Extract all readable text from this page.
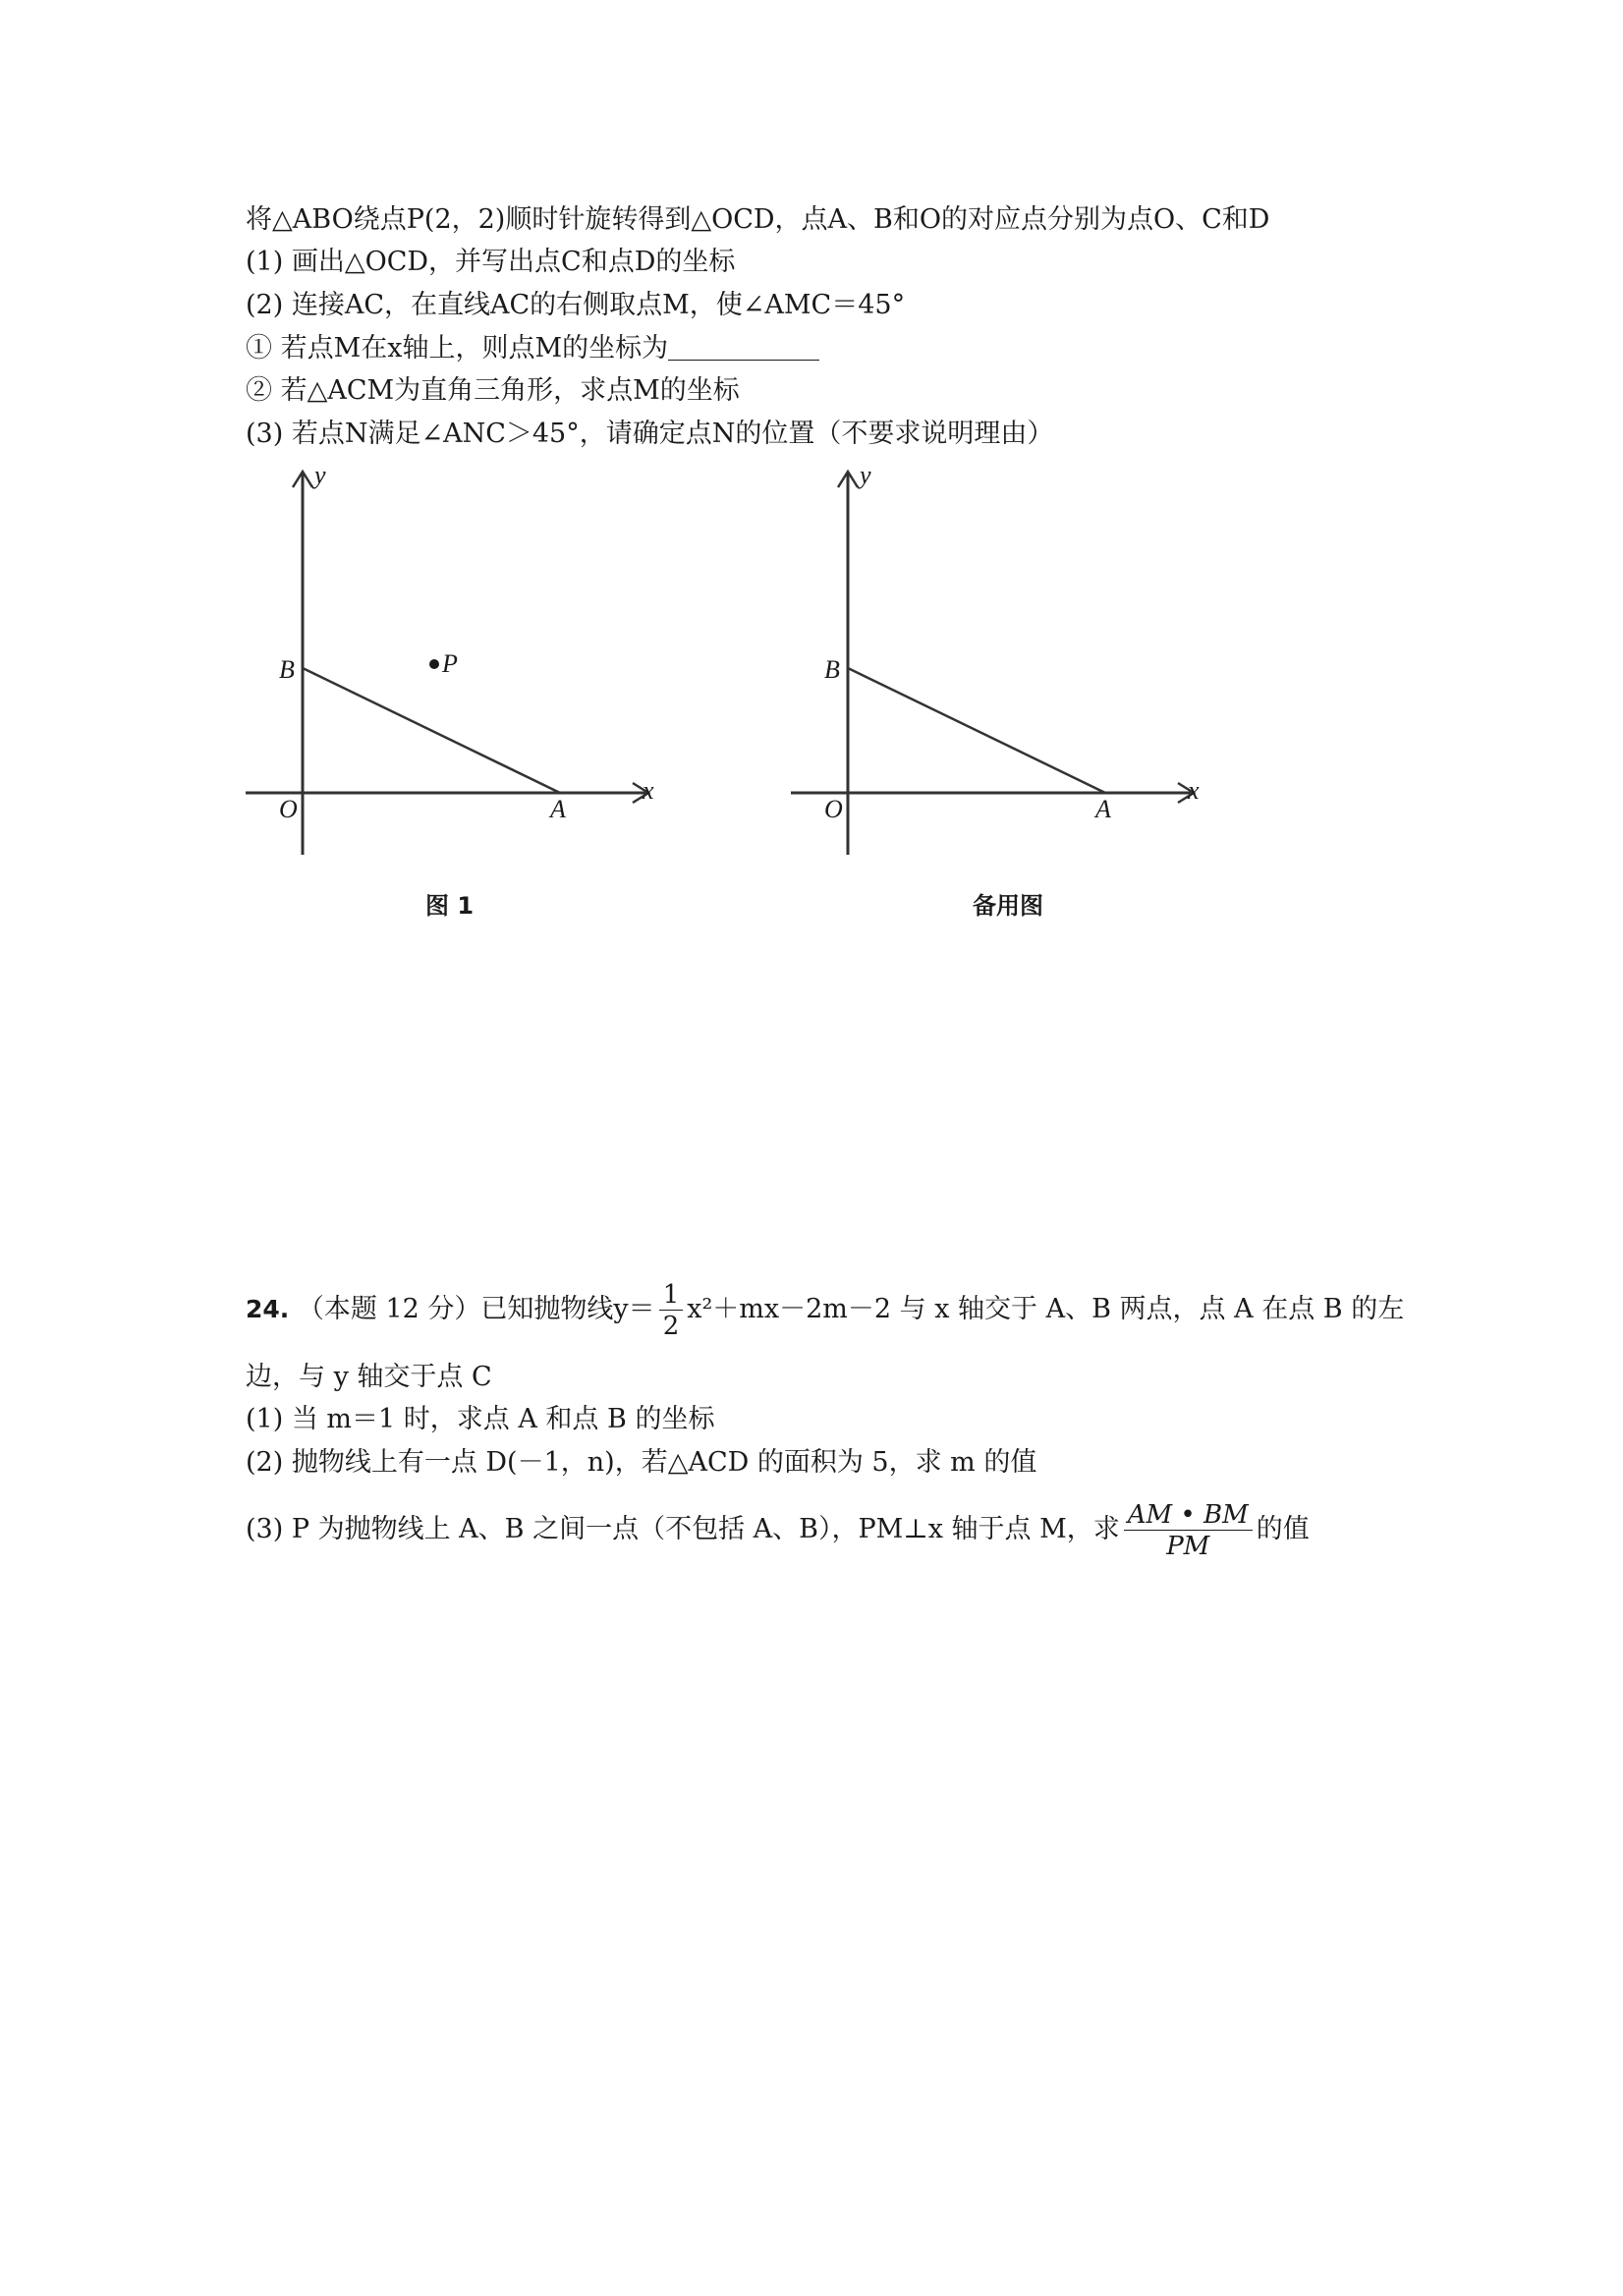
将△ABO绕点P(2，2)顺时针旋转得到△OCD，点A、B和O的对应点分别为点O、C和D
(1) 画出△OCD，并写出点C和点D的坐标
(2) 连接AC，在直线AC的右侧取点M，使∠AMC＝45°
① 若点M在x轴上，则点M的坐标为
② 若△ACM为直角三角形，求点M的坐标
(3) 若点N满足∠ANC＞45°，请确定点N的位置（不要求说明理由）
y
x
O	A
B	P
图 1
y
x
O	A
B
备用图
24. （本题 12 分）已知抛物线$y= \frac{1}{2} x^2+mx-2m-2$ 与 x 轴交于 A、B 两点，点 A 在点 B 的左
边，与 y 轴交于点 C
(1) 当 m＝1 时，求点 A 和点 B 的坐标
(2) 抛物线上有一点 D(－1，n)，若△ACD 的面积为 5，求 m 的值
(3) P 为抛物线上 A、B 之间一点（不包括 A、B），PM⊥x 轴于点 M，求 $\frac{AM • BM}{PM}$ 的值
